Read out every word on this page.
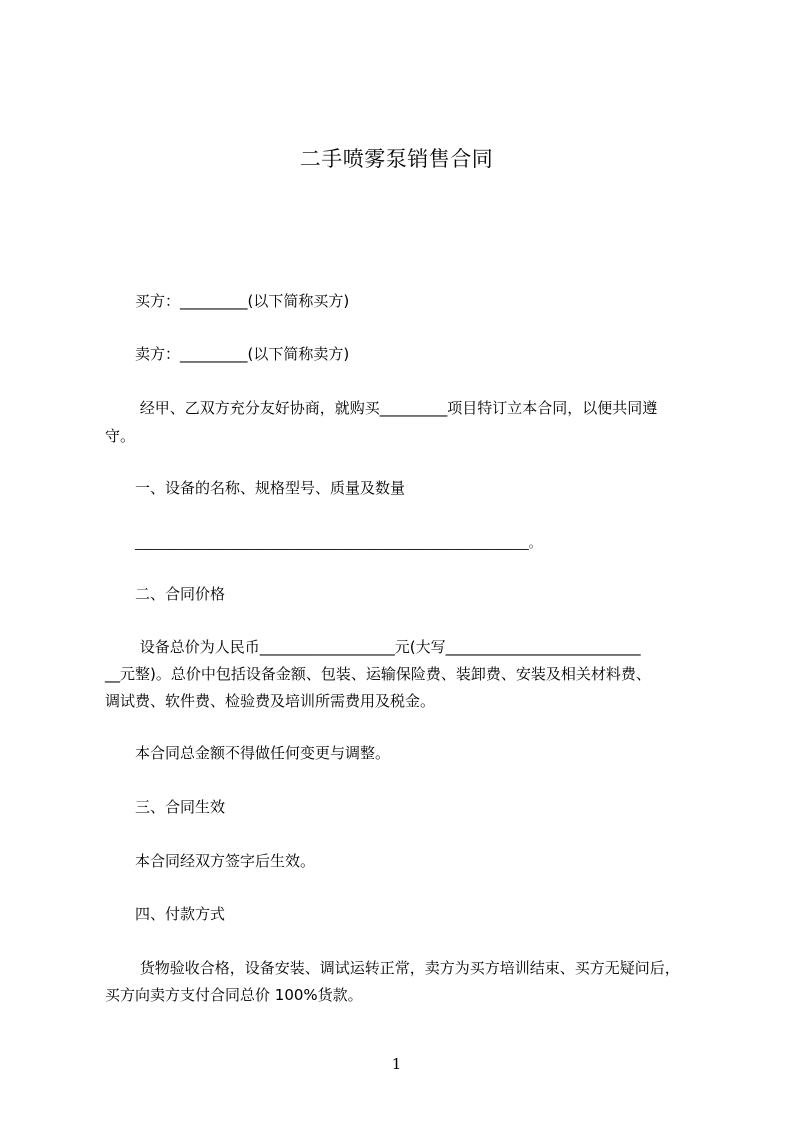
二手喷雾泵销售合同
买方：_________(以下简称买方)
卖方：_________(以下简称卖方)
经甲、乙双方充分友好协商，就购买_________项目特订立本合同，以便共同遵
守。
一、设备的名称、规格型号、质量及数量
_______________________________________________________________。
二、合同价格
设备总价为人民币__________________元(大写__________________________
__元整)。总价中包括设备金额、包装、运输保险费、装卸费、安装及相关材料费、
调试费、软件费、检验费及培训所需费用及税金。
本合同总金额不得做任何变更与调整。
三、合同生效
本合同经双方签字后生效。
四、付款方式
货物验收合格，设备安装、调试运转正常，卖方为买方培训结束、买方无疑问后，
买方向卖方支付合同总价 100%货款。
1
